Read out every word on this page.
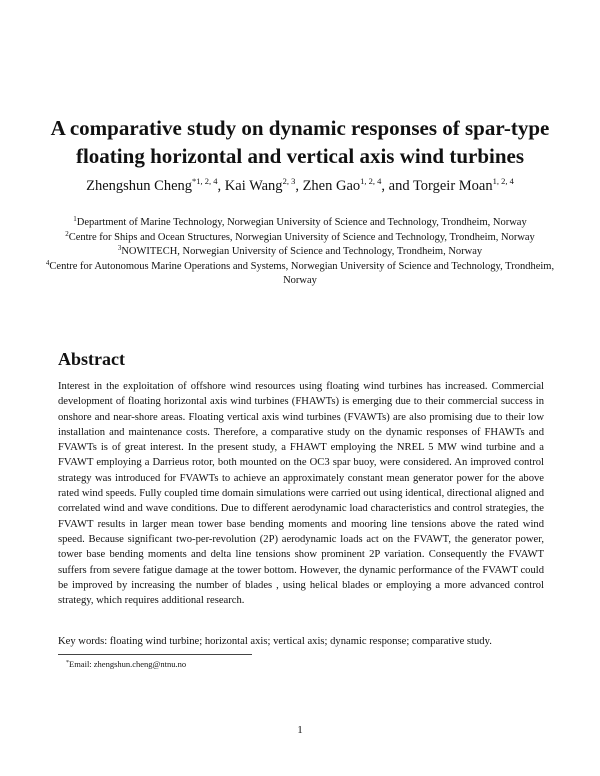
A comparative study on dynamic responses of spar-type floating horizontal and vertical axis wind turbines
Zhengshun Cheng$^{*1, 2, 4}$, Kai Wang$^{2, 3}$, Zhen Gao$^{1, 2, 4}$, and Torgeir Moan$^{1, 2, 4}$
$^1$Department of Marine Technology, Norwegian University of Science and Technology, Trondheim, Norway
$^2$Centre for Ships and Ocean Structures, Norwegian University of Science and Technology, Trondheim, Norway
$^3$NOWITECH, Norwegian University of Science and Technology, Trondheim, Norway
$^4$Centre for Autonomous Marine Operations and Systems, Norwegian University of Science and Technology, Trondheim, Norway
Abstract

Interest in the exploitation of offshore wind resources using floating wind turbines has increased. Commercial development of floating horizontal axis wind turbines (FHAWTs) is emerging due to their commercial success in onshore and near-shore areas. Floating vertical axis wind turbines (FVAWTs) are also promising due to their low installation and maintenance costs. Therefore, a comparative study on the dynamic responses of FHAWTs and FVAWTs is of great interest. In the present study, a FHAWT employing the NREL 5 MW wind turbine and a FVAWT employing a Darrieus rotor, both mounted on the OC3 spar buoy, were considered. An improved control strategy was introduced for FVAWTs to achieve an approximately constant mean generator power for the above rated wind speeds. Fully coupled time domain simulations were carried out using identical, directional aligned and correlated wind and wave conditions. Due to different aerodynamic load characteristics and control strategies, the FVAWT results in larger mean tower base bending moments and mooring line tensions above the rated wind speed. Because significant two-per-revolution (2P) aerodynamic loads act on the FVAWT, the generator power, tower base bending moments and delta line tensions show prominent 2P variation. Consequently the FVAWT suffers from severe fatigue damage at the tower bottom. However, the dynamic performance of the FVAWT could be improved by increasing the number of blades , using helical blades or employing a more advanced control strategy, which requires additional research.

Key words: floating wind turbine; horizontal axis; vertical axis; dynamic response; comparative study.

*Email: zhengshun.cheng@ntnu.no
1
